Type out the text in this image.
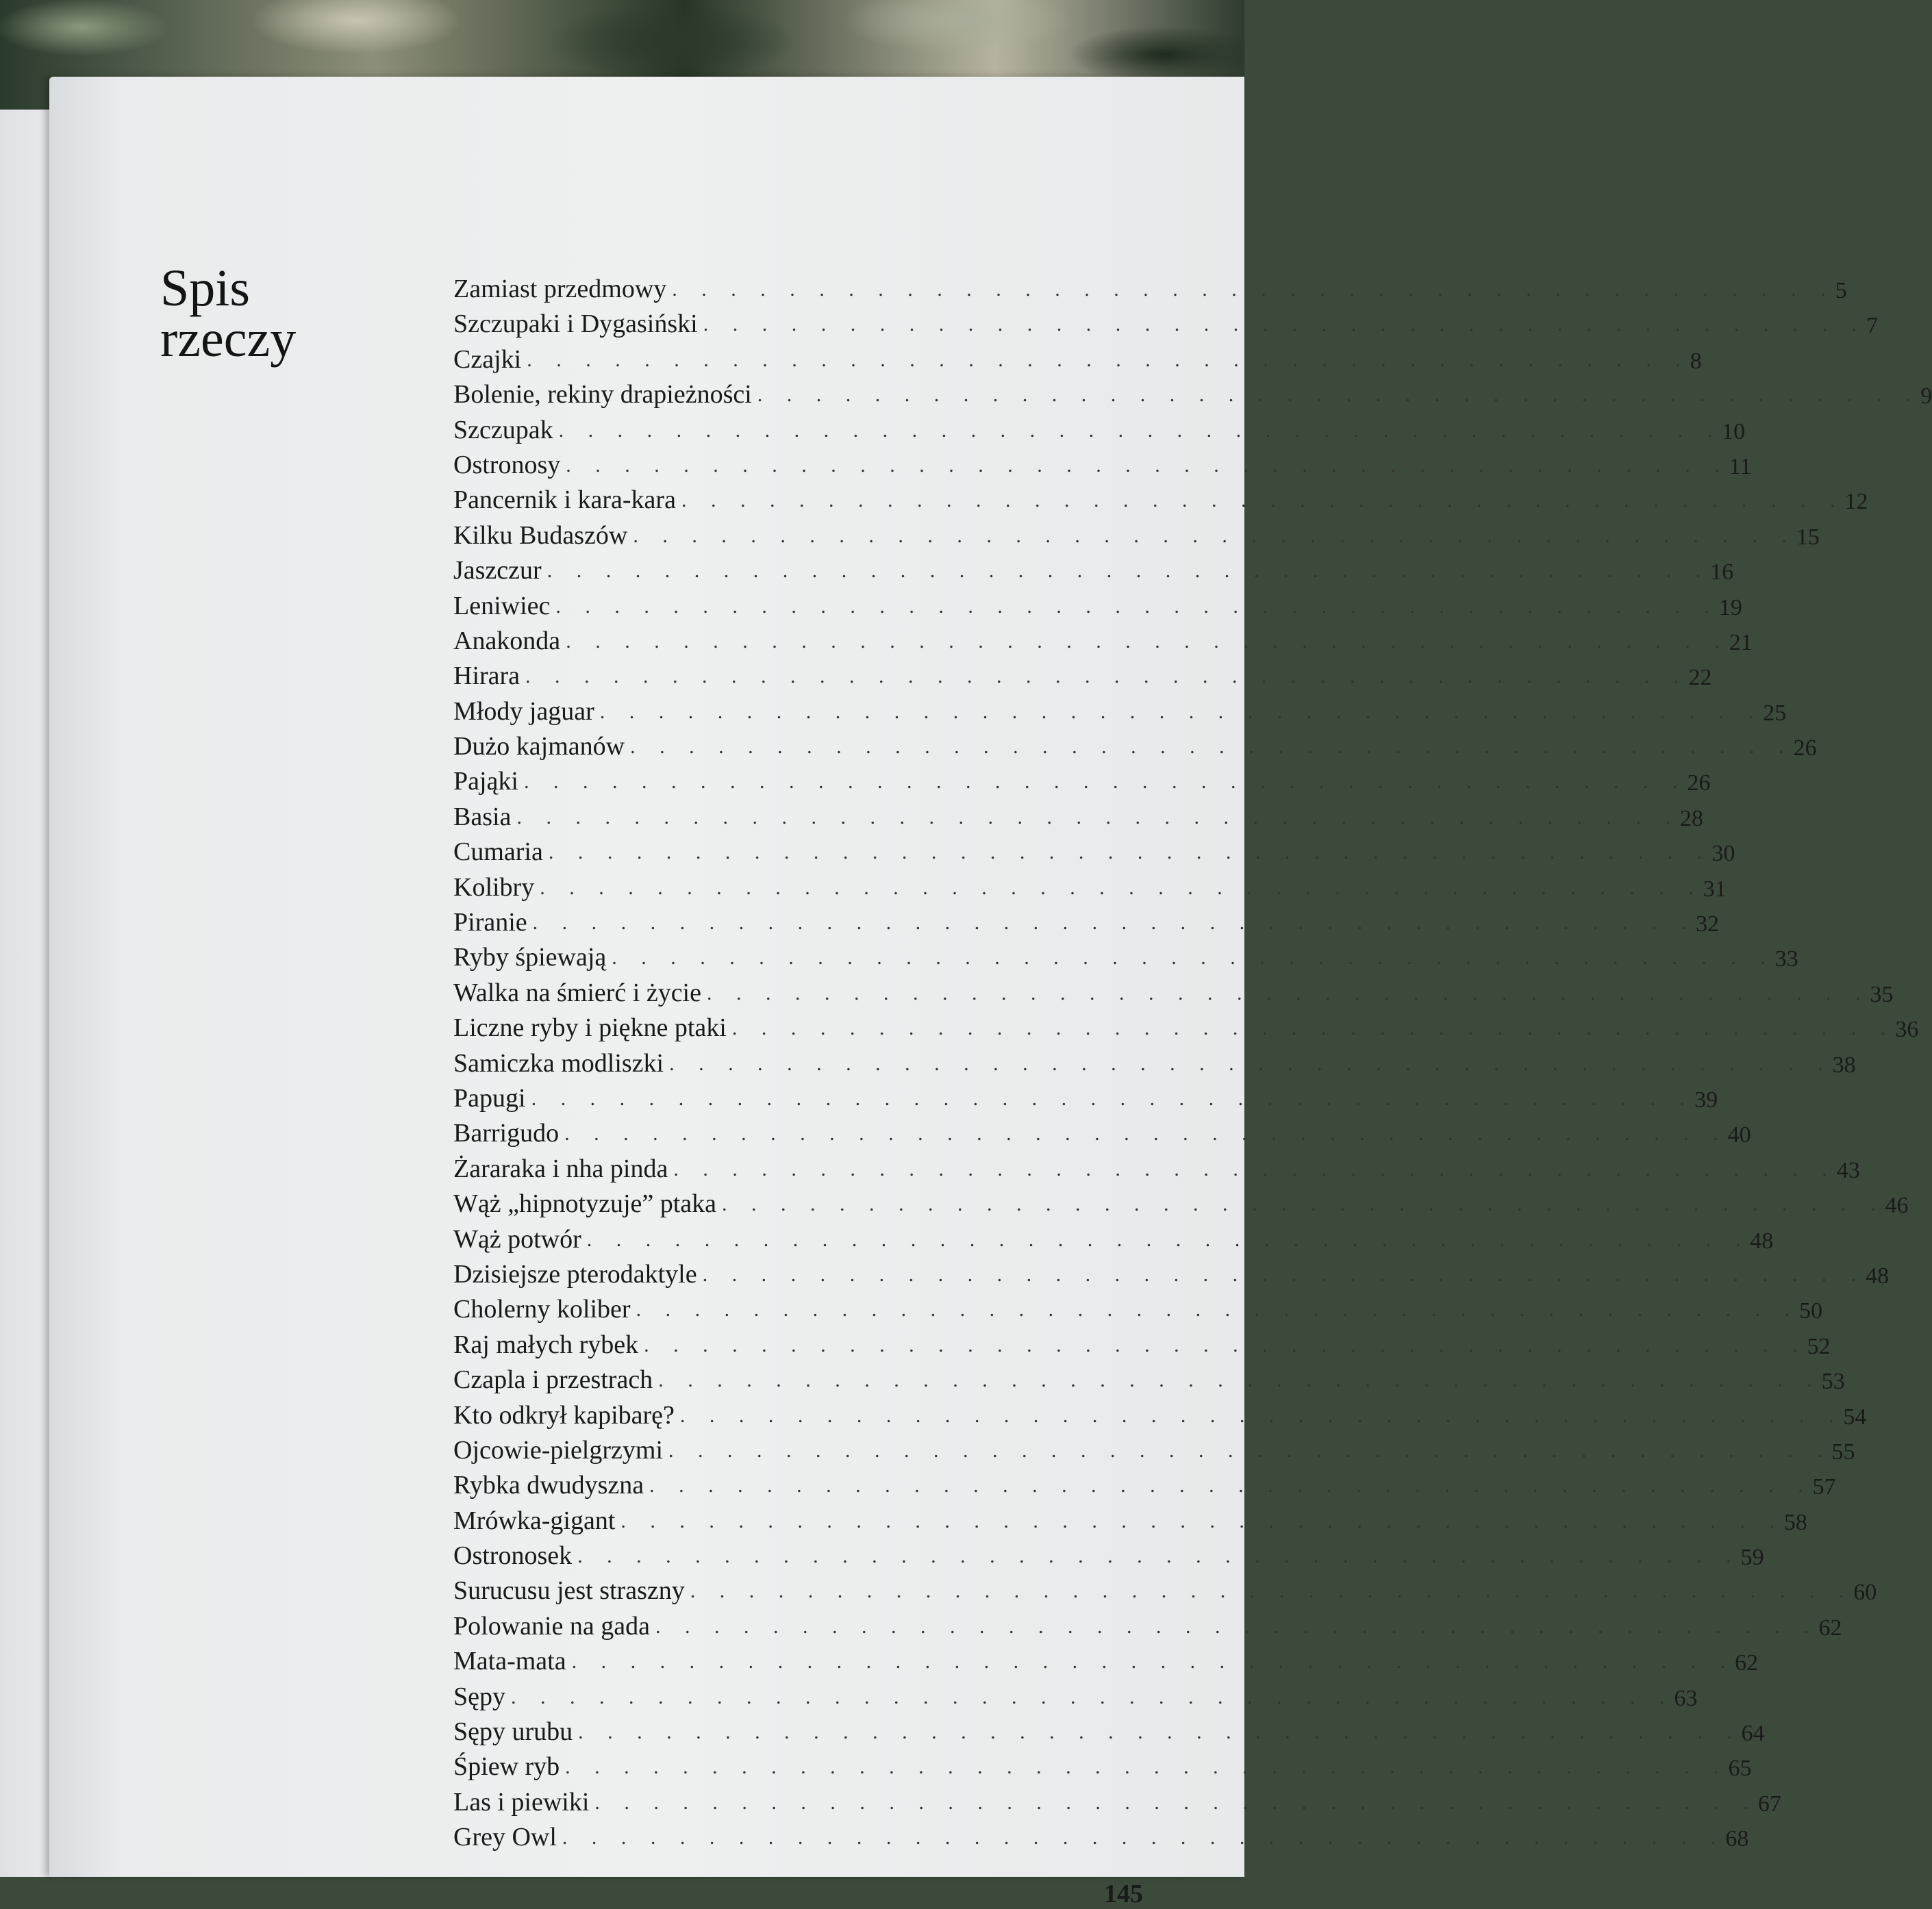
Spis
rzeczy
Zamiast przedmowy . . . . . . . . . . . . . . . . . . . . . . . . . . . . . . . . . . . . . . . . 5
Szczupaki i Dygasiński . . . . . . . . . . . . . . . . . . . . . . . . . . . . . . . . . . . . . . . . 7
Czajki . . . . . . . . . . . . . . . . . . . . . . . . . . . . . . . . . . . . . . . . 8
Bolenie, rekiny drapieżności . . . . . . . . . . . . . . . . . . . . . . . . . . . . . . . . . . . . . . . . 9
Szczupak . . . . . . . . . . . . . . . . . . . . . . . . . . . . . . . . . . . . . . . . 10
Ostronosy . . . . . . . . . . . . . . . . . . . . . . . . . . . . . . . . . . . . . . . . 11
Pancernik i kara-kara . . . . . . . . . . . . . . . . . . . . . . . . . . . . . . . . . . . . . . . . 12
Kilku Budaszów . . . . . . . . . . . . . . . . . . . . . . . . . . . . . . . . . . . . . . . . 15
Jaszczur . . . . . . . . . . . . . . . . . . . . . . . . . . . . . . . . . . . . . . . . 16
Leniwiec . . . . . . . . . . . . . . . . . . . . . . . . . . . . . . . . . . . . . . . . 19
Anakonda . . . . . . . . . . . . . . . . . . . . . . . . . . . . . . . . . . . . . . . . 21
Hirara . . . . . . . . . . . . . . . . . . . . . . . . . . . . . . . . . . . . . . . . 22
Młody jaguar . . . . . . . . . . . . . . . . . . . . . . . . . . . . . . . . . . . . . . . . 25
Dużo kajmanów . . . . . . . . . . . . . . . . . . . . . . . . . . . . . . . . . . . . . . . . 26
Pająki . . . . . . . . . . . . . . . . . . . . . . . . . . . . . . . . . . . . . . . . 26
Basia . . . . . . . . . . . . . . . . . . . . . . . . . . . . . . . . . . . . . . . . 28
Cumaria . . . . . . . . . . . . . . . . . . . . . . . . . . . . . . . . . . . . . . . . 30
Kolibry . . . . . . . . . . . . . . . . . . . . . . . . . . . . . . . . . . . . . . . . 31
Piranie . . . . . . . . . . . . . . . . . . . . . . . . . . . . . . . . . . . . . . . . 32
Ryby śpiewają . . . . . . . . . . . . . . . . . . . . . . . . . . . . . . . . . . . . . . . . 33
Walka na śmierć i życie . . . . . . . . . . . . . . . . . . . . . . . . . . . . . . . . . . . . . . . . 35
Liczne ryby i piękne ptaki . . . . . . . . . . . . . . . . . . . . . . . . . . . . . . . . . . . . . . . . 36
Samiczka modliszki . . . . . . . . . . . . . . . . . . . . . . . . . . . . . . . . . . . . . . . . 38
Papugi . . . . . . . . . . . . . . . . . . . . . . . . . . . . . . . . . . . . . . . . 39
Barrigudo . . . . . . . . . . . . . . . . . . . . . . . . . . . . . . . . . . . . . . . . 40
Żararaka i nha pinda . . . . . . . . . . . . . . . . . . . . . . . . . . . . . . . . . . . . . . . . 43
Wąż „hipnotyzuje” ptaka . . . . . . . . . . . . . . . . . . . . . . . . . . . . . . . . . . . . . . . . 46
Wąż potwór . . . . . . . . . . . . . . . . . . . . . . . . . . . . . . . . . . . . . . . . 48
Dzisiejsze pterodaktyle . . . . . . . . . . . . . . . . . . . . . . . . . . . . . . . . . . . . . . . . 48
Cholerny koliber . . . . . . . . . . . . . . . . . . . . . . . . . . . . . . . . . . . . . . . . 50
Raj małych rybek . . . . . . . . . . . . . . . . . . . . . . . . . . . . . . . . . . . . . . . . 52
Czapla i przestrach . . . . . . . . . . . . . . . . . . . . . . . . . . . . . . . . . . . . . . . . 53
Kto odkrył kapibarę? . . . . . . . . . . . . . . . . . . . . . . . . . . . . . . . . . . . . . . . . 54
Ojcowie-pielgrzymi . . . . . . . . . . . . . . . . . . . . . . . . . . . . . . . . . . . . . . . . 55
Rybka dwudyszna . . . . . . . . . . . . . . . . . . . . . . . . . . . . . . . . . . . . . . . . 57
Mrówka-gigant . . . . . . . . . . . . . . . . . . . . . . . . . . . . . . . . . . . . . . . . 58
Ostronosek . . . . . . . . . . . . . . . . . . . . . . . . . . . . . . . . . . . . . . . . 59
Surucusu jest straszny . . . . . . . . . . . . . . . . . . . . . . . . . . . . . . . . . . . . . . . . 60
Polowanie na gada . . . . . . . . . . . . . . . . . . . . . . . . . . . . . . . . . . . . . . . . 62
Mata-mata . . . . . . . . . . . . . . . . . . . . . . . . . . . . . . . . . . . . . . . . 62
Sępy . . . . . . . . . . . . . . . . . . . . . . . . . . . . . . . . . . . . . . . . 63
Sępy urubu . . . . . . . . . . . . . . . . . . . . . . . . . . . . . . . . . . . . . . . . 64
Śpiew ryb . . . . . . . . . . . . . . . . . . . . . . . . . . . . . . . . . . . . . . . . 65
Las i piewiki . . . . . . . . . . . . . . . . . . . . . . . . . . . . . . . . . . . . . . . . 67
Grey Owl . . . . . . . . . . . . . . . . . . . . . . . . . . . . . . . . . . . . . . . . 68
145
